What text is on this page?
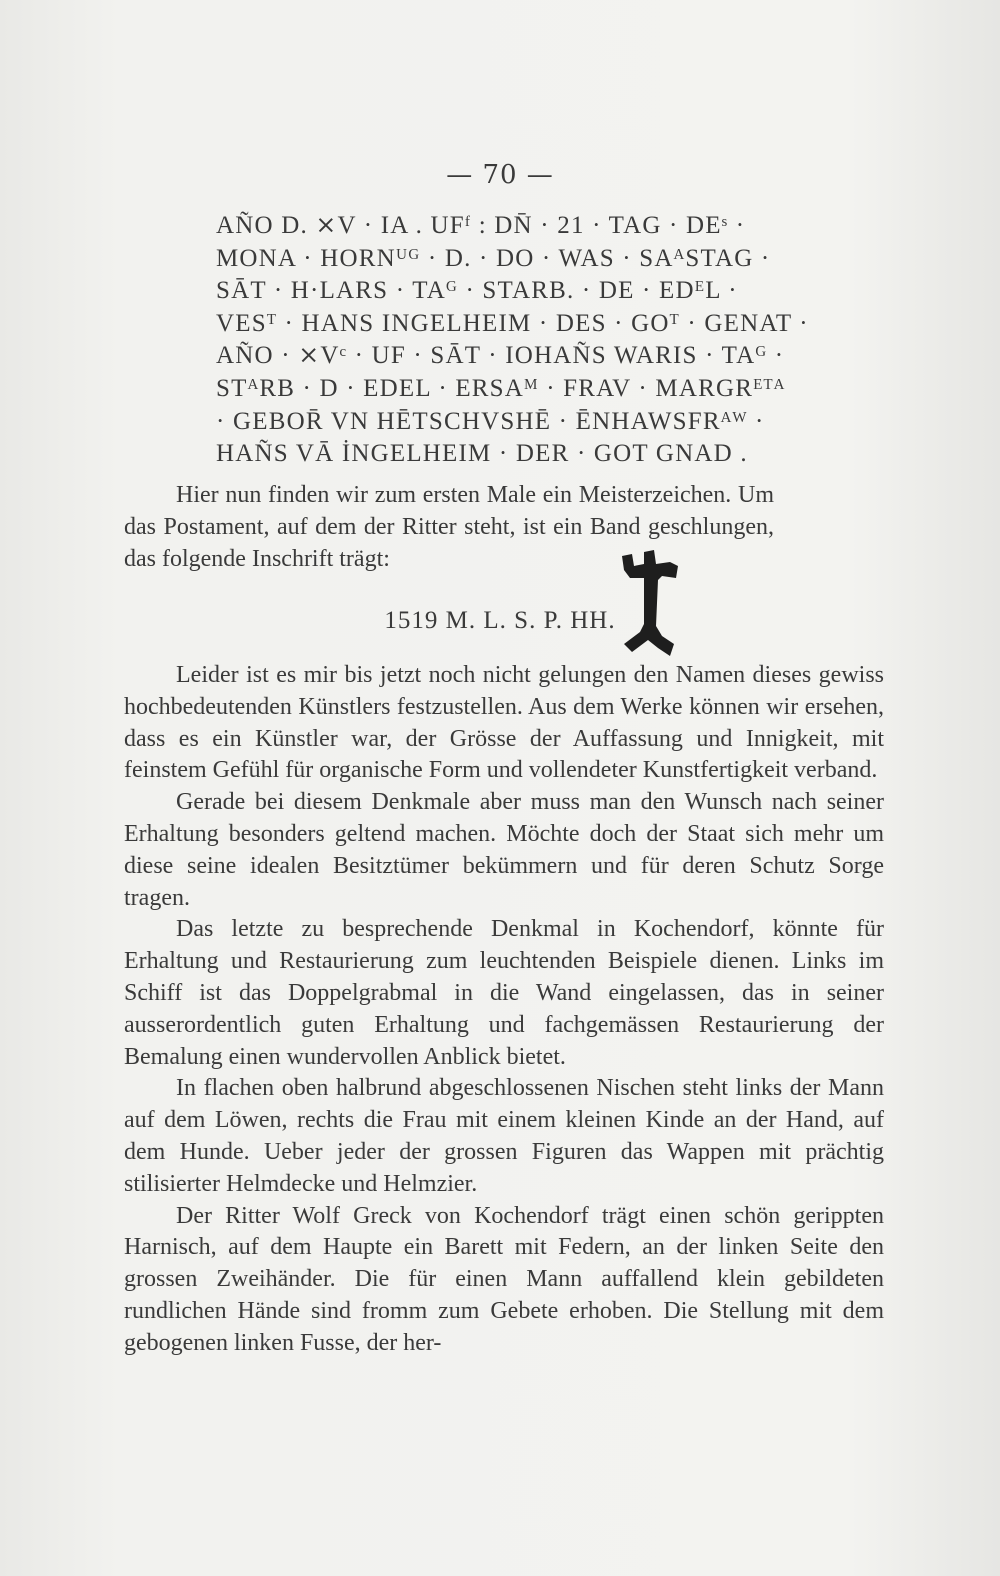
— 70 —
AÑO D. ⨯V · IA . UFᶠ : DN̄ · 21 · TAG · DEˢ ·
MONA · HORNᵁᴳ · D. · DO · WAS · SAᴬSTAG ·
SĀT · H·LARS · TAᴳ · STARB. · DE · EDᴱL ·
VESᵀ · HANS INGELHEIM · DES · GOᵀ · GENAT ·
AÑO · ⨯Vᶜ · UF · SĀT · IOHAÑS WARIS · TAᴳ ·
STᴬRB · D · EDEL · ERSAᴹ · FRAV · MARGRᴱᵀᴬ
· GEBOR̄ VN HĒTSCHVSHĒ · ĒNHAWSFRᴬᵂ ·
HAÑS VĀ İNGELHEIM · DER · GOT GNAD .

Hier nun finden wir zum ersten Male ein Meisterzeichen. Um das Postament, auf dem der Ritter steht, ist ein Band geschlungen, das folgende Inschrift trägt:

1519 M. L. S. P. HH.

Leider ist es mir bis jetzt noch nicht gelungen den Namen dieses gewiss hochbedeutenden Künstlers festzustellen. Aus dem Werke können wir ersehen, dass es ein Künstler war, der Grösse der Auffassung und Innigkeit, mit feinstem Gefühl für organische Form und vollendeter Kunstfertigkeit verband.

Gerade bei diesem Denkmale aber muss man den Wunsch nach seiner Erhaltung besonders geltend machen. Möchte doch der Staat sich mehr um diese seine idealen Besitztümer bekümmern und für deren Schutz Sorge tragen.

Das letzte zu besprechende Denkmal in Kochendorf, könnte für Erhaltung und Restaurierung zum leuchtenden Beispiele dienen. Links im Schiff ist das Doppelgrabmal in die Wand eingelassen, das in seiner ausserordentlich guten Erhaltung und fachgemässen Restaurierung der Bemalung einen wundervollen Anblick bietet.

In flachen oben halbrund abgeschlossenen Nischen steht links der Mann auf dem Löwen, rechts die Frau mit einem kleinen Kinde an der Hand, auf dem Hunde. Ueber jeder der grossen Figuren das Wappen mit prächtig stilisierter Helmdecke und Helmzier.

Der Ritter Wolf Greck von Kochendorf trägt einen schön gerippten Harnisch, auf dem Haupte ein Barett mit Federn, an der linken Seite den grossen Zweihänder. Die für einen Mann auffallend klein gebildeten rundlichen Hände sind fromm zum Gebete erhoben. Die Stellung mit dem gebogenen linken Fusse, der her-
